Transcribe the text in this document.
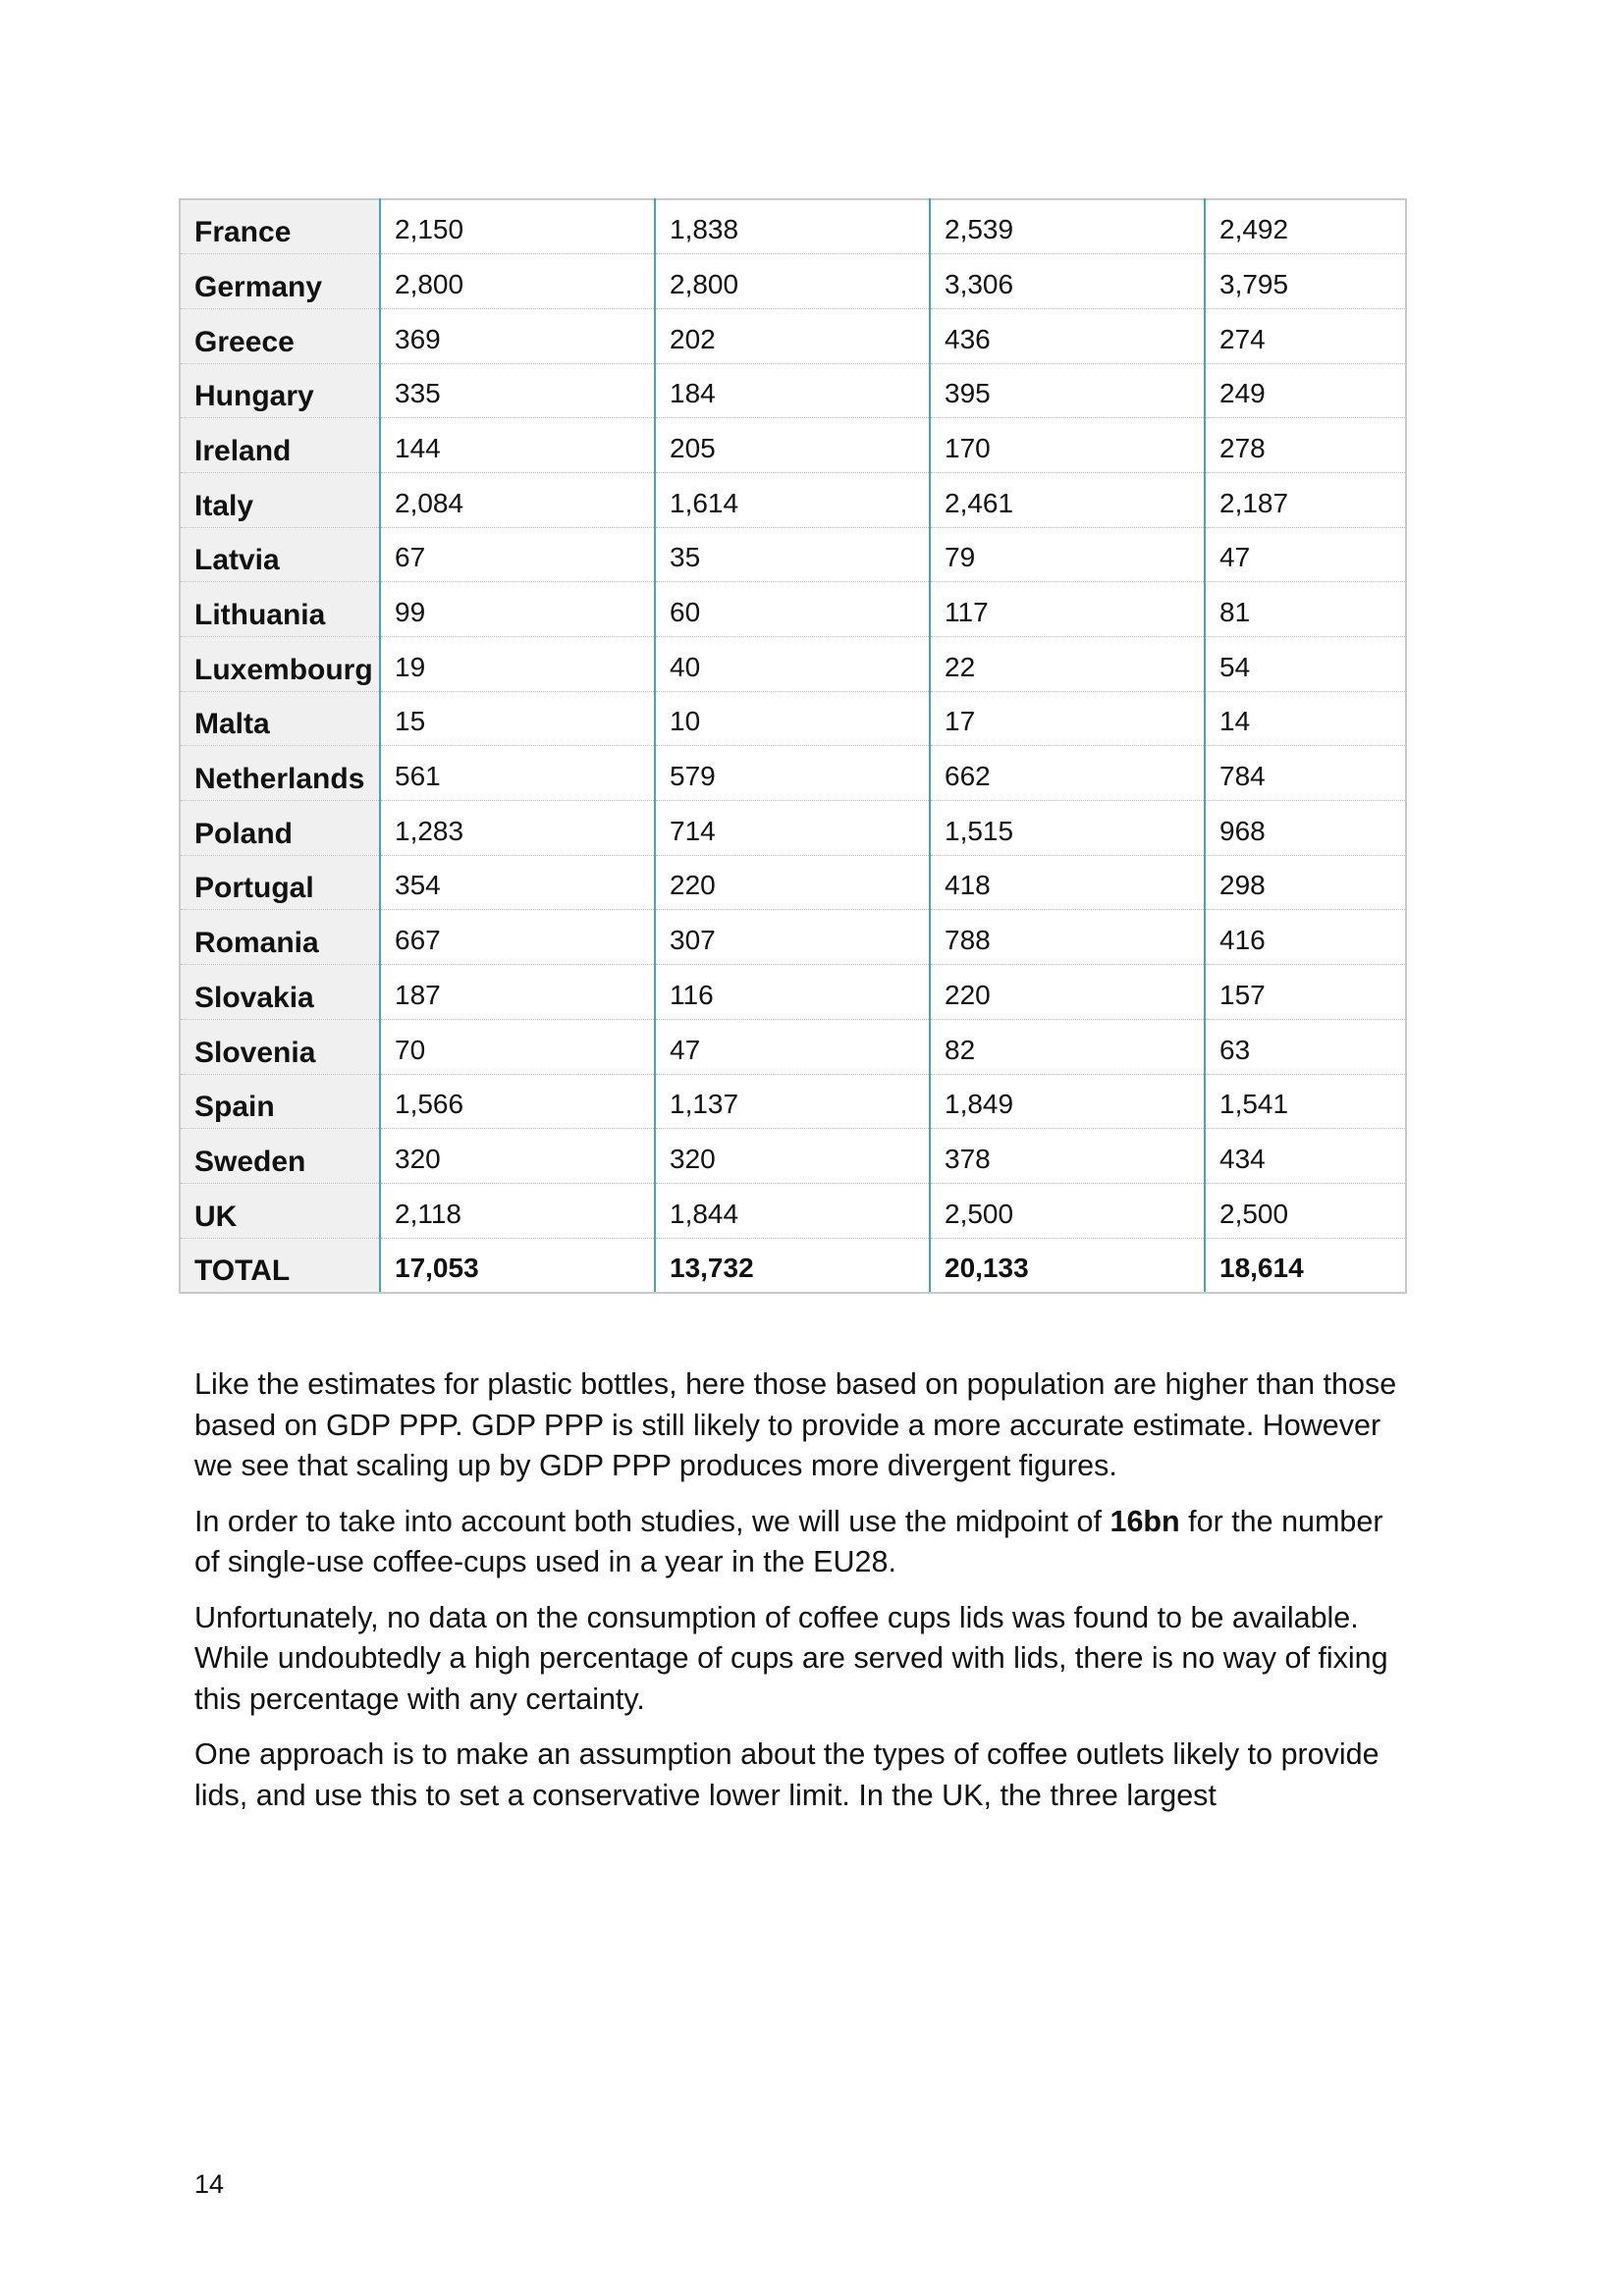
France	2,150	1,838	2,539	2,492
Germany	2,800	2,800	3,306	3,795
Greece	369	202	436	274
Hungary	335	184	395	249
Ireland	144	205	170	278
Italy	2,084	1,614	2,461	2,187
Latvia	67	35	79	47
Lithuania	99	60	117	81
Luxembourg	19	40	22	54
Malta	15	10	17	14
Netherlands	561	579	662	784
Poland	1,283	714	1,515	968
Portugal	354	220	418	298
Romania	667	307	788	416
Slovakia	187	116	220	157
Slovenia	70	47	82	63
Spain	1,566	1,137	1,849	1,541
Sweden	320	320	378	434
UK	2,118	1,844	2,500	2,500
TOTAL	17,053	13,732	20,133	18,614

Like the estimates for plastic bottles, here those based on population are higher than those based on GDP PPP. GDP PPP is still likely to provide a more accurate estimate. However we see that scaling up by GDP PPP produces more divergent figures.

In order to take into account both studies, we will use the midpoint of 16bn for the number of single-use coffee-cups used in a year in the EU28.

Unfortunately, no data on the consumption of coffee cups lids was found to be available. While undoubtedly a high percentage of cups are served with lids, there is no way of fixing this percentage with any certainty.

One approach is to make an assumption about the types of coffee outlets likely to provide lids, and use this to set a conservative lower limit. In the UK, the three largest

14
